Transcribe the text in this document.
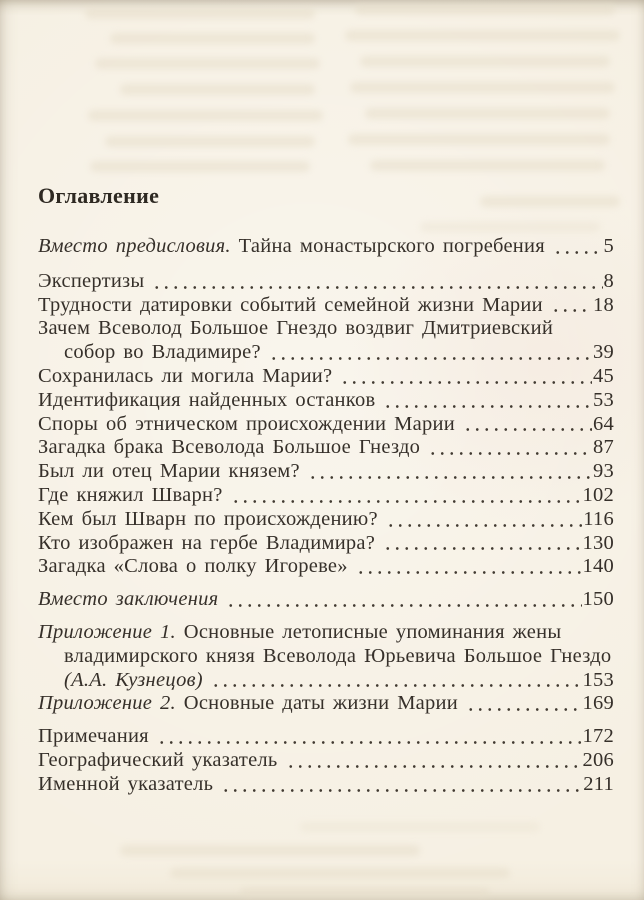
Оглавление
Вместо предисловия. Тайна монастырского погребения	5
Экспертизы	8
Трудности датировки событий семейной жизни Марии 18
Зачем Всеволод Большое Гнездо воздвиг Дмитриевский
собор во Владимире?	39
Сохранилась ли могила Марии?	45
Идентификация найденных останков	53
Споры об этническом происхождении Марии	64
Загадка брака Всеволода Большое Гнездо	87
Был ли отец Марии князем?	93
Где княжил Шварн?	102
Кем был Шварн по происхождению?	116
Кто изображен на гербе Владимира?	130
Загадка «Слова о полку Игореве»	140
Вместо заключения	150
Приложение 1. Основные летописные упоминания жены
владимирского князя Всеволода Юрьевича Большое Гнездо
(А.А. Кузнецов)	153
Приложение 2. Основные даты жизни Марии	169
Примечания	172
Географический указатель	206
Именной указатель	211
